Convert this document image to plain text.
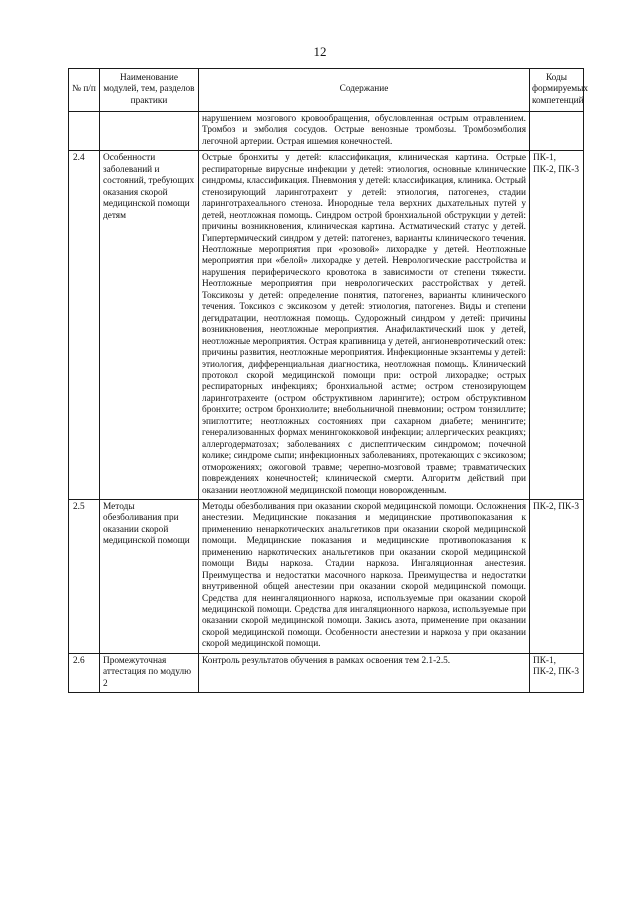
12
№ п/п	Наименование модулей, тем, разделов практики	Содержание	Коды формируемых компетенций
		нарушением мозгового кровообращения, обусловленная острым отравлением. Тромбоз и эмболия сосудов. Острые венозные тромбозы. Тромбоэмболия легочной артерии. Острая ишемия конечностей.	
2.4	Особенности заболеваний и состояний, требующих оказания скорой медицинской помощи детям	Острые бронхиты у детей: классификация, клиническая картина. Острые респираторные вирусные инфекции у детей: этиология, основные клинические синдромы, классификация. Пневмония у детей: классификация, клиника. Острый стенозирующий ларинготрахеит у детей: этиология, патогенез, стадии ларинготрахеального стеноза. Инородные тела верхних дыхательных путей у детей, неотложная помощь. Синдром острой бронхиальной обструкции у детей: причины возникновения, клиническая картина. Астматический статус у детей. Гипертермический синдром у детей: патогенез, варианты клинического течения. Неотложные мероприятия при «розовой» лихорадке у детей. Неотложные мероприятия при «белой» лихорадке у детей. Неврологические расстройства и нарушения периферического кровотока в зависимости от степени тяжести. Неотложные мероприятия при неврологических расстройствах у детей. Токсикозы у детей: определение понятия, патогенез, варианты клинического течения. Токсикоз с эксикозом у детей: этиология, патогенез. Виды и степени дегидратации, неотложная помощь. Судорожный синдром у детей: причины возникновения, неотложные мероприятия. Анафилактический шок у детей, неотложные мероприятия. Острая крапивница у детей, ангионевротический отек: причины развития, неотложные мероприятия. Инфекционные экзантемы у детей: этиология, дифференциальная диагностика, неотложная помощь. Клинический протокол скорой медицинской помощи при: острой лихорадке; острых респираторных инфекциях; бронхиальной астме; остром стенозирующем ларинготрахеите (остром обструктивном ларингите); остром обструктивном бронхите; остром бронхиолите; внебольничной пневмонии; остром тонзиллите; эпиглоттите; неотложных состояниях при сахарном диабете; менингите; генерализованных формах менингококковой инфекции; аллергических реакциях; аллергодерматозах; заболеваниях с диспептическим синдромом; почечной колике; синдроме сыпи; инфекционных заболеваниях, протекающих с эксикозом; отморожениях; ожоговой травме; черепно-мозговой травме; травматических повреждениях конечностей; клинической смерти. Алгоритм действий при оказании неотложной медицинской помощи новорожденным.	ПК-1, ПК-2, ПК-3
2.5	Методы обезболивания при оказании скорой медицинской помощи	Методы обезболивания при оказании скорой медицинской помощи. Осложнения анестезии. Медицинские показания и медицинские противопоказания к применению ненаркотических анальгетиков при оказании скорой медицинской помощи. Медицинские показания и медицинские противопоказания к применению наркотических анальгетиков при оказании скорой медицинской помощи Виды наркоза. Стадии наркоза. Ингаляционная анестезия. Преимущества и недостатки масочного наркоза. Преимущества и недостатки внутривенной общей анестезии при оказании скорой медицинской помощи. Средства для неингаляционного наркоза, используемые при оказании скорой медицинской помощи. Средства для ингаляционного наркоза, используемые при оказании скорой медицинской помощи. Закись азота, применение при оказании скорой медицинской помощи. Особенности анестезии и наркоза у при оказании скорой медицинской помощи.	ПК-2, ПК-3
2.6	Промежуточная аттестация по модулю 2	Контроль результатов обучения в рамках освоения тем 2.1-2.5.	ПК-1, ПК-2, ПК-3
